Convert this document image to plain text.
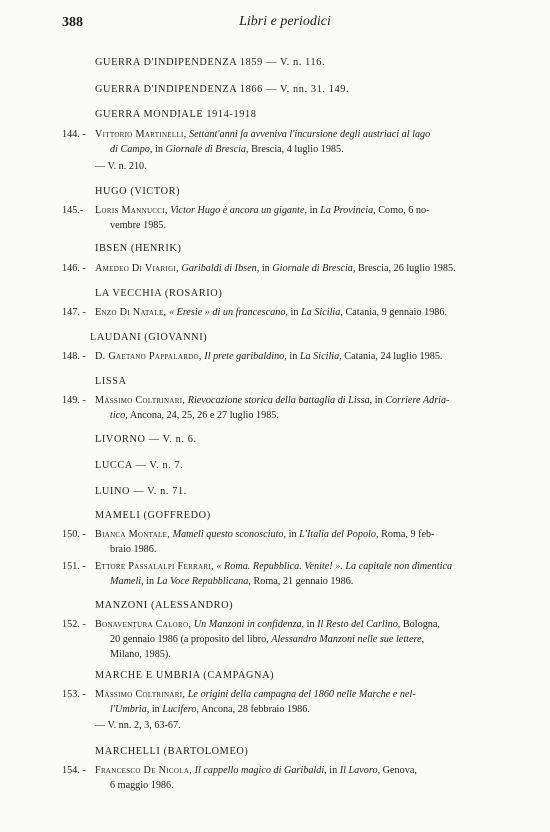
388	Libri e periodici
GUERRA D'INDIPENDENZA 1859 — V. n. 116.
GUERRA D'INDIPENDENZA 1866 — V. nn. 31. 149.
GUERRA MONDIALE 1914-1918
144. - Vittorio Martinelli, Settant'anni fa avveniva l'incursione degli austriaci al lago
di Campo, in Giornale di Brescia, Brescia, 4 luglio 1985.
— V. n. 210.
HUGO (VICTOR)
145.- Loris Mannucci, Victor Hugo è ancora un gigante, in La Provincia, Como, 6 no-
vembre 1985.
IBSEN (HENRIK)
146. - Amedeo Di Viarigi, Garibaldi di Ibsen, in Giornale di Brescia, Brescia, 26 luglio 1985.
LA VECCHIA (ROSARIO)
147. - Enzo Di Natale, « Eresie » di un francescano, in La Sicilia, Catania, 9 gennaio 1986.
LAUDANI (GIOVANNI)
148. - D. Gaetano Pappalardo, Il prete garibaldino, in La Sicilia, Catania, 24 luglio 1985.
LISSA
149. - Massimo Coltrinari, Rievocazione storica della battaglia di Lissa, in Corriere Adria-
tico, Ancona, 24, 25, 26 e 27 luglio 1985.
LIVORNO — V. n. 6.
LUCCA — V. n. 7.
LUINO — V. n. 71.
MAMELI (GOFFREDO)
150. - Bianca Montale, Mameli questo sconosciuto, in L'Italia del Popolo, Roma, 9 feb-
braio 1986.
151. - Ettore Passalalpi Ferrari, « Roma. Repubblica. Venite! ». La capitale non dimentica
Mameli, in La Voce Repubblicana, Roma, 21 gennaio 1986.
MANZONI (ALESSANDRO)
152. - Bonaventura Caloro, Un Manzoni in confidenza, in Il Resto del Carlino, Bologna,
20 gennaio 1986 (a proposito del libro, Alessandro Manzoni nelle sue lettere,
Milano, 1985).
MARCHE E UMBRIA (CAMPAGNA)
153. - Massimo Coltrinari, Le origini della campagna del 1860 nelle Marche e nel-
l'Umbria, in Lucifero, Ancona, 28 febbraio 1986.
— V. nn. 2, 3, 63-67.
MARCHELLI (BARTOLOMEO)
154. - Francesco De Nicola, Il cappello magico di Garibaldi, in Il Lavoro, Genova,
6 maggio 1986.
